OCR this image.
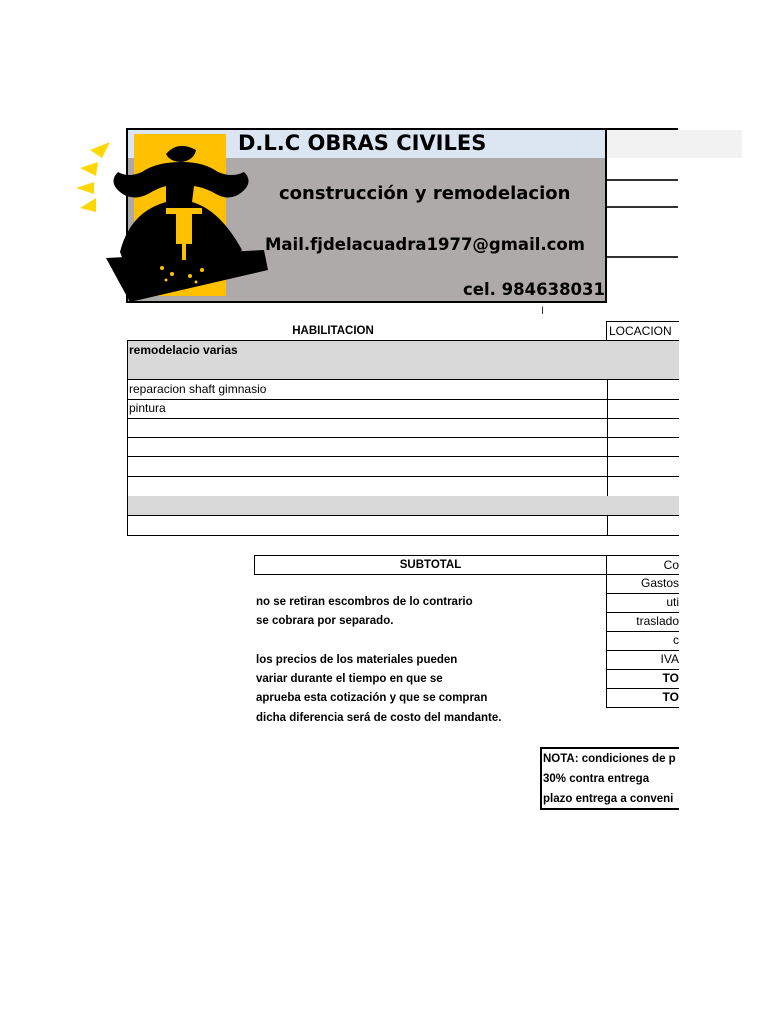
D.L.C OBRAS CIVILES
construcción y remodelacion
Mail.fjdelacuadra1977@gmail.com
cel. 984638031
I
HABILITACION	LOCACION
remodelacio varias
reparacion shaft gimnasio
pintura
SUBTOTAL	Co
Gastos
uti
traslado
c
IVA
TO
TO
no se retiran escombros de lo contrario
se cobrara por separado.
los precios de los materiales pueden
variar durante el tiempo en que se
aprueba esta cotización y que se compran
dicha diferencia será de costo del mandante.
NOTA: condiciones de p
30% contra entrega
plazo entrega a conveni
